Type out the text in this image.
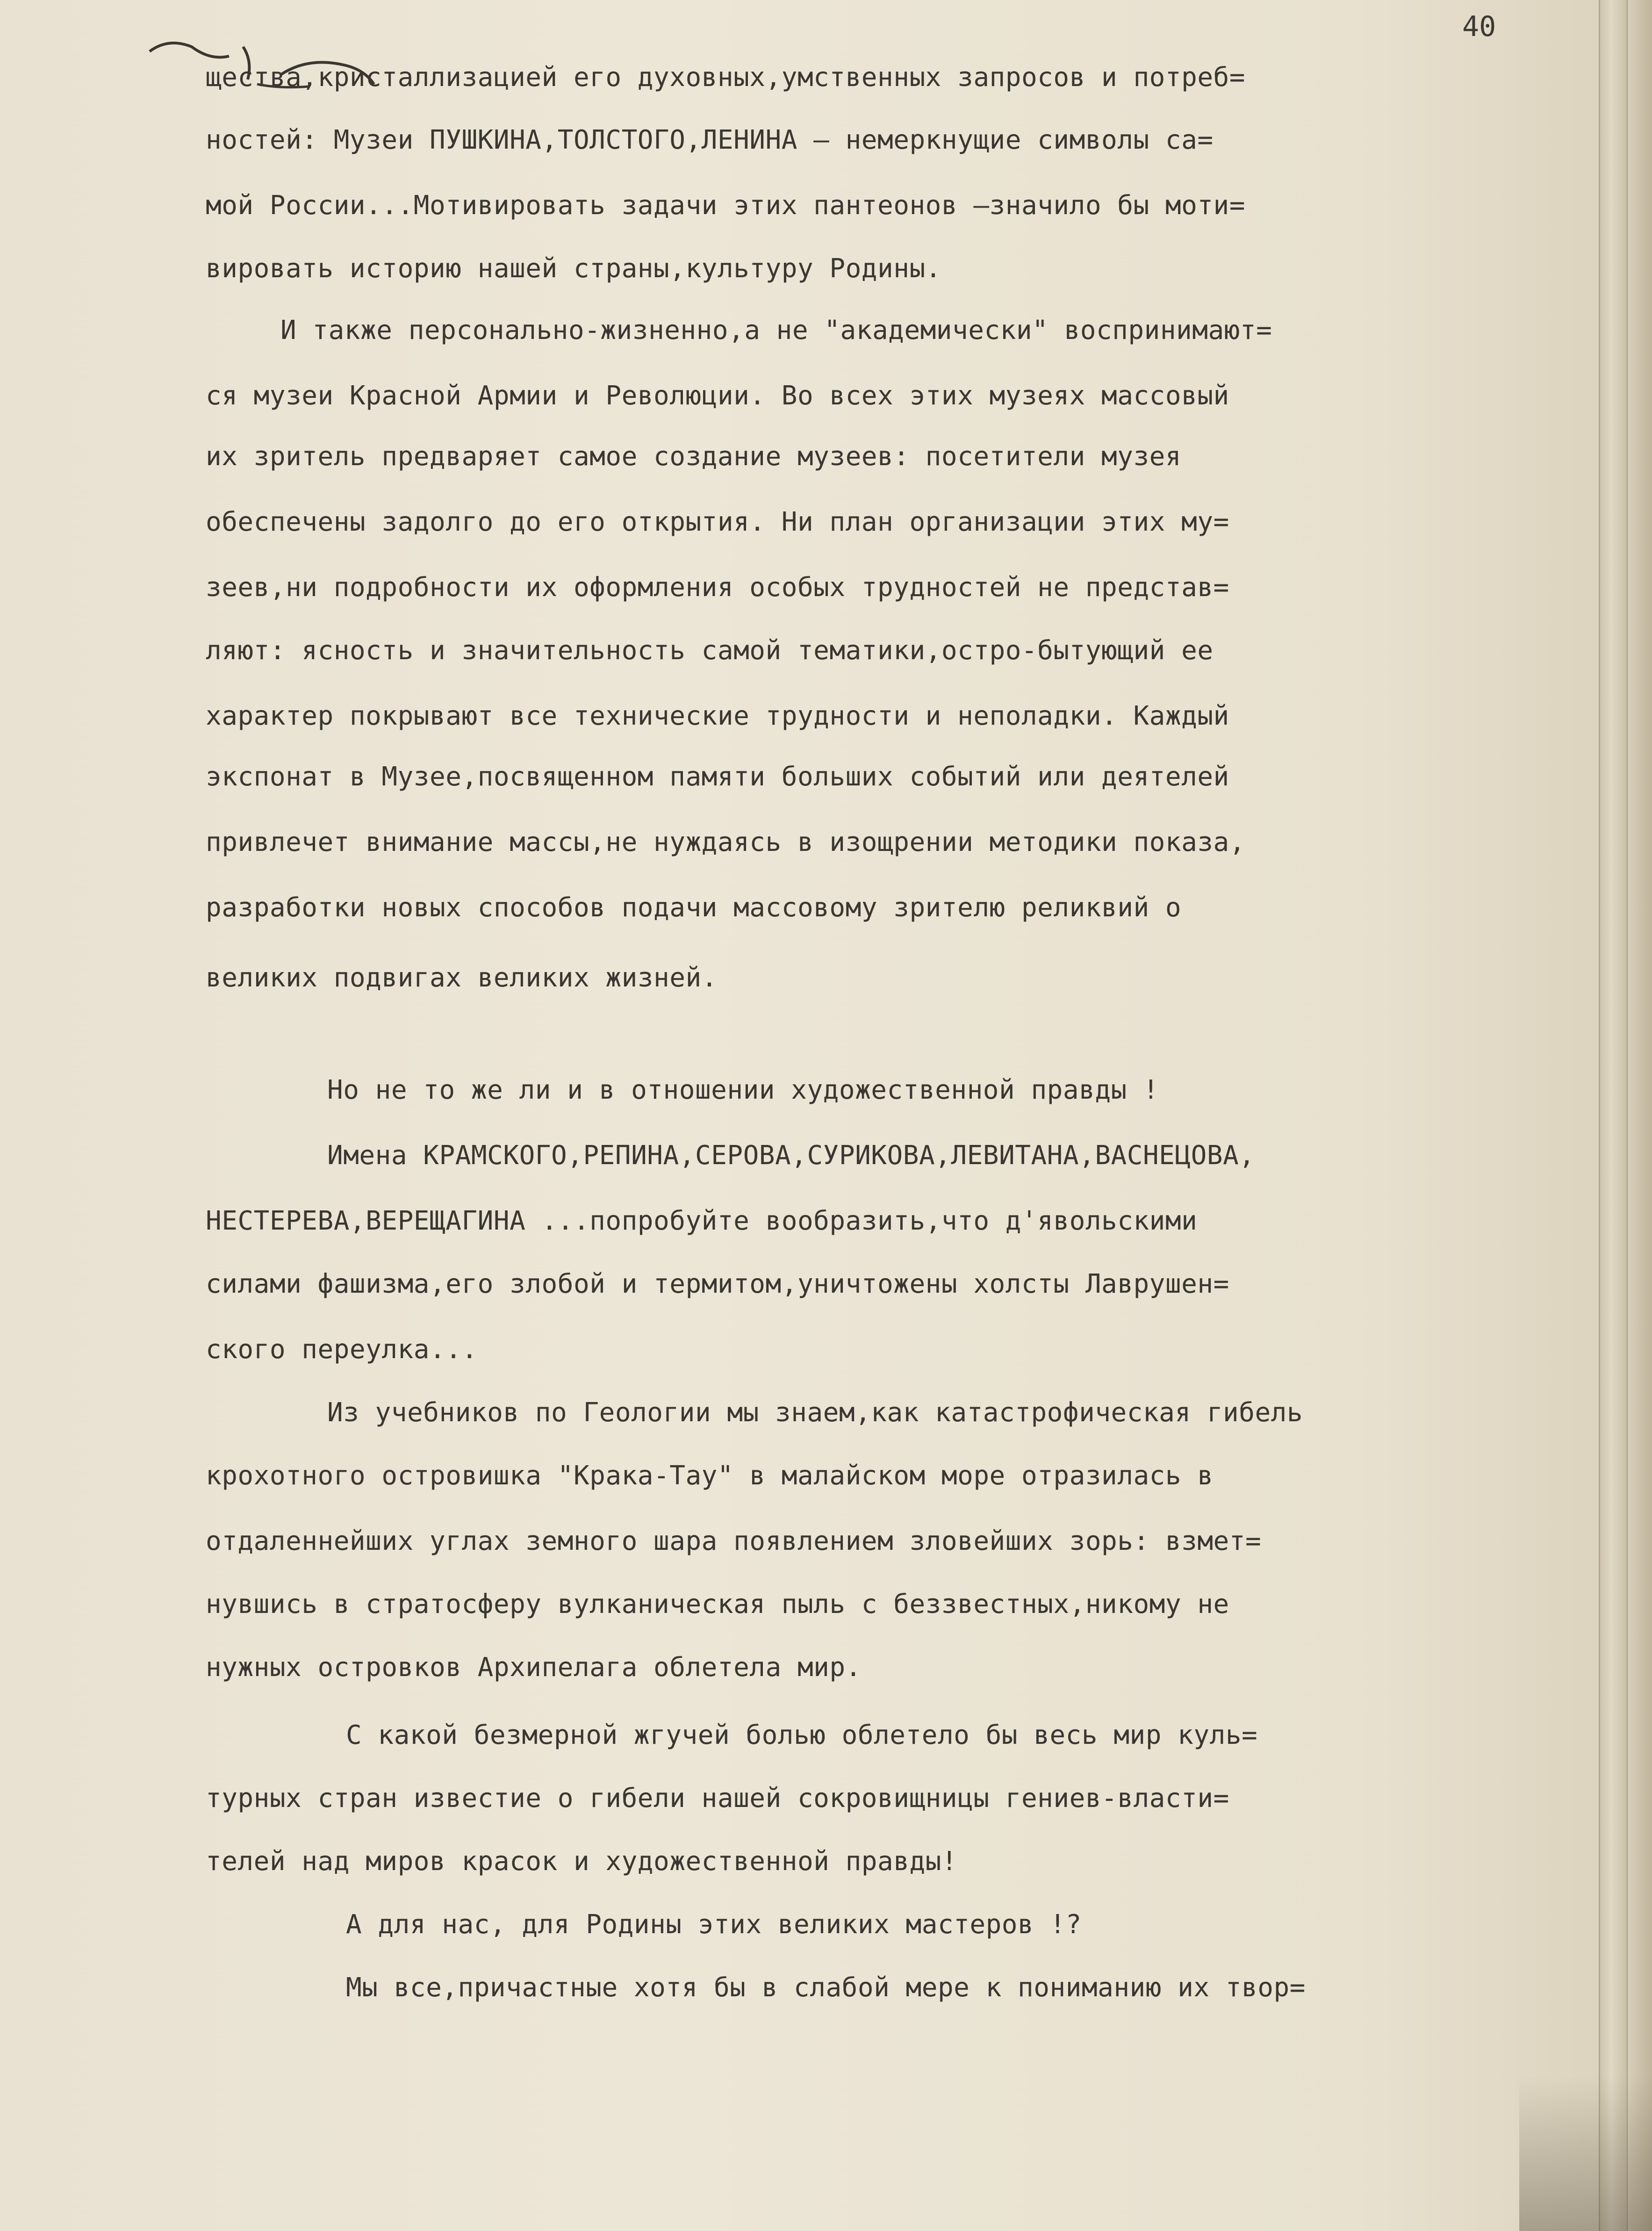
40
щества,кристаллизацией его духовных,умственных запросов и потреб=
ностей: Музеи ПУШКИНА,ТОЛСТОГО,ЛЕНИНА – немеркнущие символы са=
мой России...Мотивировать задачи этих пантеонов –значило бы моти=
вировать историю нашей страны,культуру Родины.
И также персонально-жизненно,а не "академически" воспринимают=
ся музеи Красной Армии и Революции. Во всех этих музеях массовый
их зритель предваряет самое создание музеев: посетители музея
обеспечены задолго до его открытия. Ни план организации этих му=
зеев,ни подробности их оформления особых трудностей не представ=
ляют: ясность и значительность самой тематики,остро-бытующий ее
характер покрывают все технические трудности и неполадки. Каждый
экспонат в Музее,посвященном памяти больших событий или деятелей
привлечет внимание массы,не нуждаясь в изощрении методики показа,
разработки новых способов подачи массовому зрителю реликвий о
великих подвигах великих жизней.
Но не то же ли и в отношении художественной правды !
Имена КРАМСКОГО,РЕПИНА,СЕРОВА,СУРИКОВА,ЛЕВИТАНА,ВАСНЕЦОВА,
НЕСТЕРЕВА,ВЕРЕЩАГИНА ...попробуйте вообразить,что д'явольскими
силами фашизма,его злобой и термитом,уничтожены холсты Лаврушен=
ского переулка...
Из учебников по Геологии мы знаем,как катастрофическая гибель
крохотного островишка "Крака-Тау" в малайском море отразилась в
отдаленнейших углах земного шара появлением зловейших зорь: взмет=
нувшись в стратосферу вулканическая пыль с беззвестных,никому не
нужных островков Архипелага облетела мир.
С какой безмерной жгучей болью облетело бы весь мир куль=
турных стран известие о гибели нашей сокровищницы гениев-власти=
телей над миров красок и художественной правды!
А для нас, для Родины этих великих мастеров !?
Мы все,причастные хотя бы в слабой мере к пониманию их твор=
